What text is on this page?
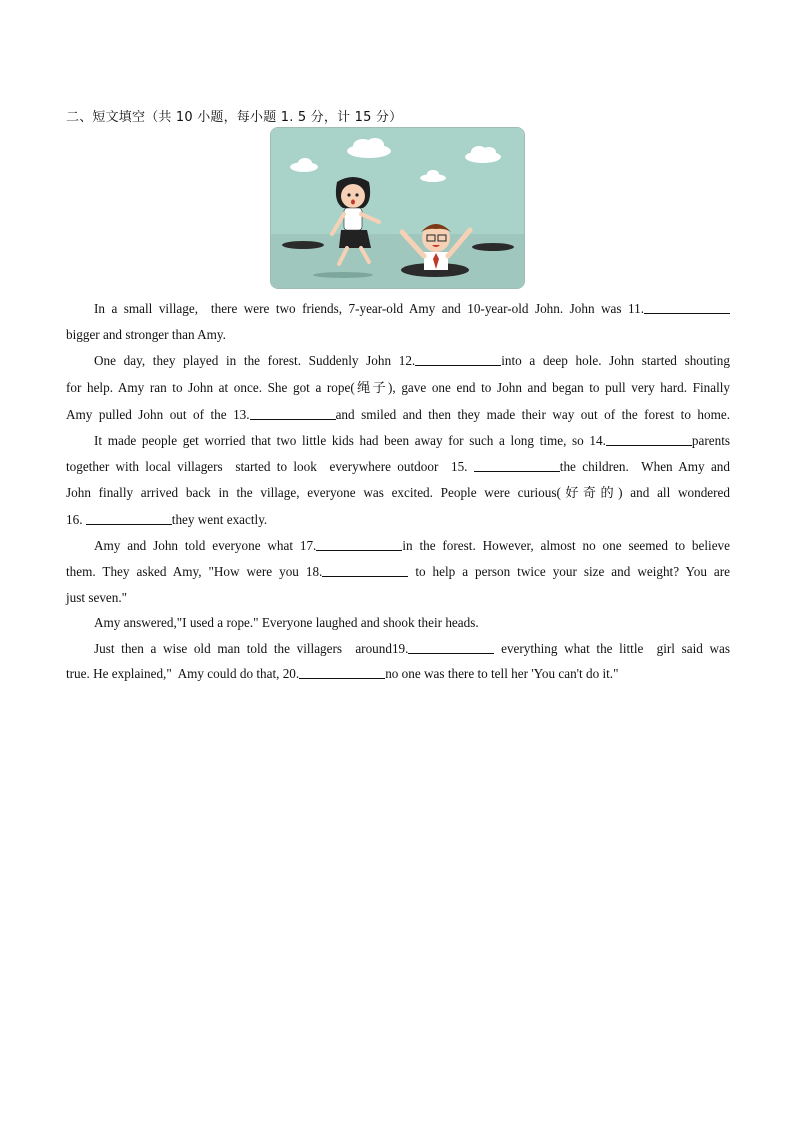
二、短文填空（共 10 小题，每小题 1. 5 分，计 15 分）
In a small village,  there were two friends, 7-year-old Amy and 10-year-old John. John was 11.
bigger and stronger than Amy.
One day, they played in the forest. Suddenly John 12.	into a deep hole. John started shouting
for help. Amy ran to John at once. She got a rope(绳子), gave one end to John and began to pull very hard. Finally
Amy pulled John out of the 13.	and smiled and then they made their way out of the forest to home.
It made people get worried that two little kids had been away for such a long time, so 14.	parents
together with local villagers  started to look  everywhere outdoor  15.	the children.  When Amy and
John finally arrived back in the village, everyone was excited. People were curious(好奇的) and all wondered
16.	they went exactly.
Amy and John told everyone what 17.	in the forest. However, almost no one seemed to believe
them. They asked Amy, "How were you 18.	to help a person twice your size and weight? You are
just seven."
Amy answered,"I used a rope." Everyone laughed and shook their heads.
Just then a wise old man told the villagers  around19.	everything what the little  girl said was
true. He explained,"  Amy could do that, 20.	no one was there to tell her 'You can't do it."
